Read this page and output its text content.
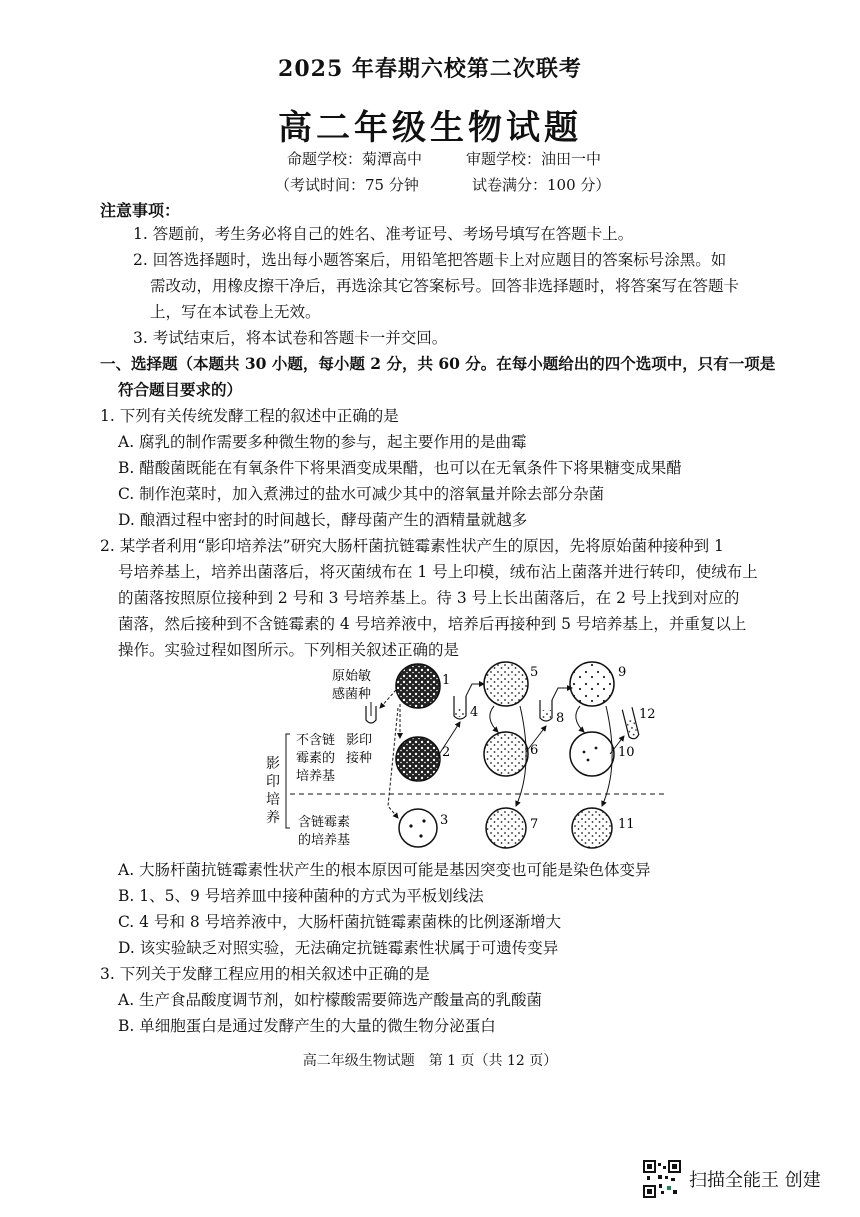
2025 年春期六校第二次联考
高二年级生物试题
命题学校：菊潭高中	审题学校：油田一中
（考试时间：75 分钟	试卷满分：100 分）
注意事项：
1. 答题前，考生务必将自己的姓名、准考证号、考场号填写在答题卡上。
2. 回答选择题时，选出每小题答案后，用铅笔把答题卡上对应题目的答案标号涂黑。如
需改动，用橡皮擦干净后，再选涂其它答案标号。回答非选择题时，将答案写在答题卡
上，写在本试卷上无效。
3. 考试结束后，将本试卷和答题卡一并交回。
一、选择题（本题共 30 小题，每小题 2 分，共 60 分。在每小题给出的四个选项中，只有一项是
符合题目要求的）
1. 下列有关传统发酵工程的叙述中正确的是
A. 腐乳的制作需要多种微生物的参与，起主要作用的是曲霉
B. 醋酸菌既能在有氧条件下将果酒变成果醋，也可以在无氧条件下将果糖变成果醋
C. 制作泡菜时，加入煮沸过的盐水可减少其中的溶氧量并除去部分杂菌
D. 酿酒过程中密封的时间越长，酵母菌产生的酒精量就越多
2. 某学者利用“影印培养法”研究大肠杆菌抗链霉素性状产生的原因，先将原始菌种接种到 1
号培养基上，培养出菌落后，将灭菌绒布在 1 号上印模，绒布沾上菌落并进行转印，使绒布上
的菌落按照原位接种到 2 号和 3 号培养基上。待 3 号上长出菌落后，在 2 号上找到对应的
菌落，然后接种到不含链霉素的 4 号培养液中，培养后再接种到 5 号培养基上，并重复以上
操作。实验过程如图所示。下列相关叙述正确的是
原始敏
感菌种
不含链
霉素的
培养基
影印
接种
影
印
培
养 含链霉素
的培养基
1
2
3
4
5
6
7
8
9
10
11
12
A. 大肠杆菌抗链霉素性状产生的根本原因可能是基因突变也可能是染色体变异
B. 1、5、9 号培养皿中接种菌种的方式为平板划线法
C. 4 号和 8 号培养液中，大肠杆菌抗链霉素菌株的比例逐渐增大
D. 该实验缺乏对照实验，无法确定抗链霉素性状属于可遗传变异
3. 下列关于发酵工程应用的相关叙述中正确的是
A. 生产食品酸度调节剂，如柠檬酸需要筛选产酸量高的乳酸菌
B. 单细胞蛋白是通过发酵产生的大量的微生物分泌蛋白
高二年级生物试题　第 1 页（共 12 页）
扫描全能王 创建
